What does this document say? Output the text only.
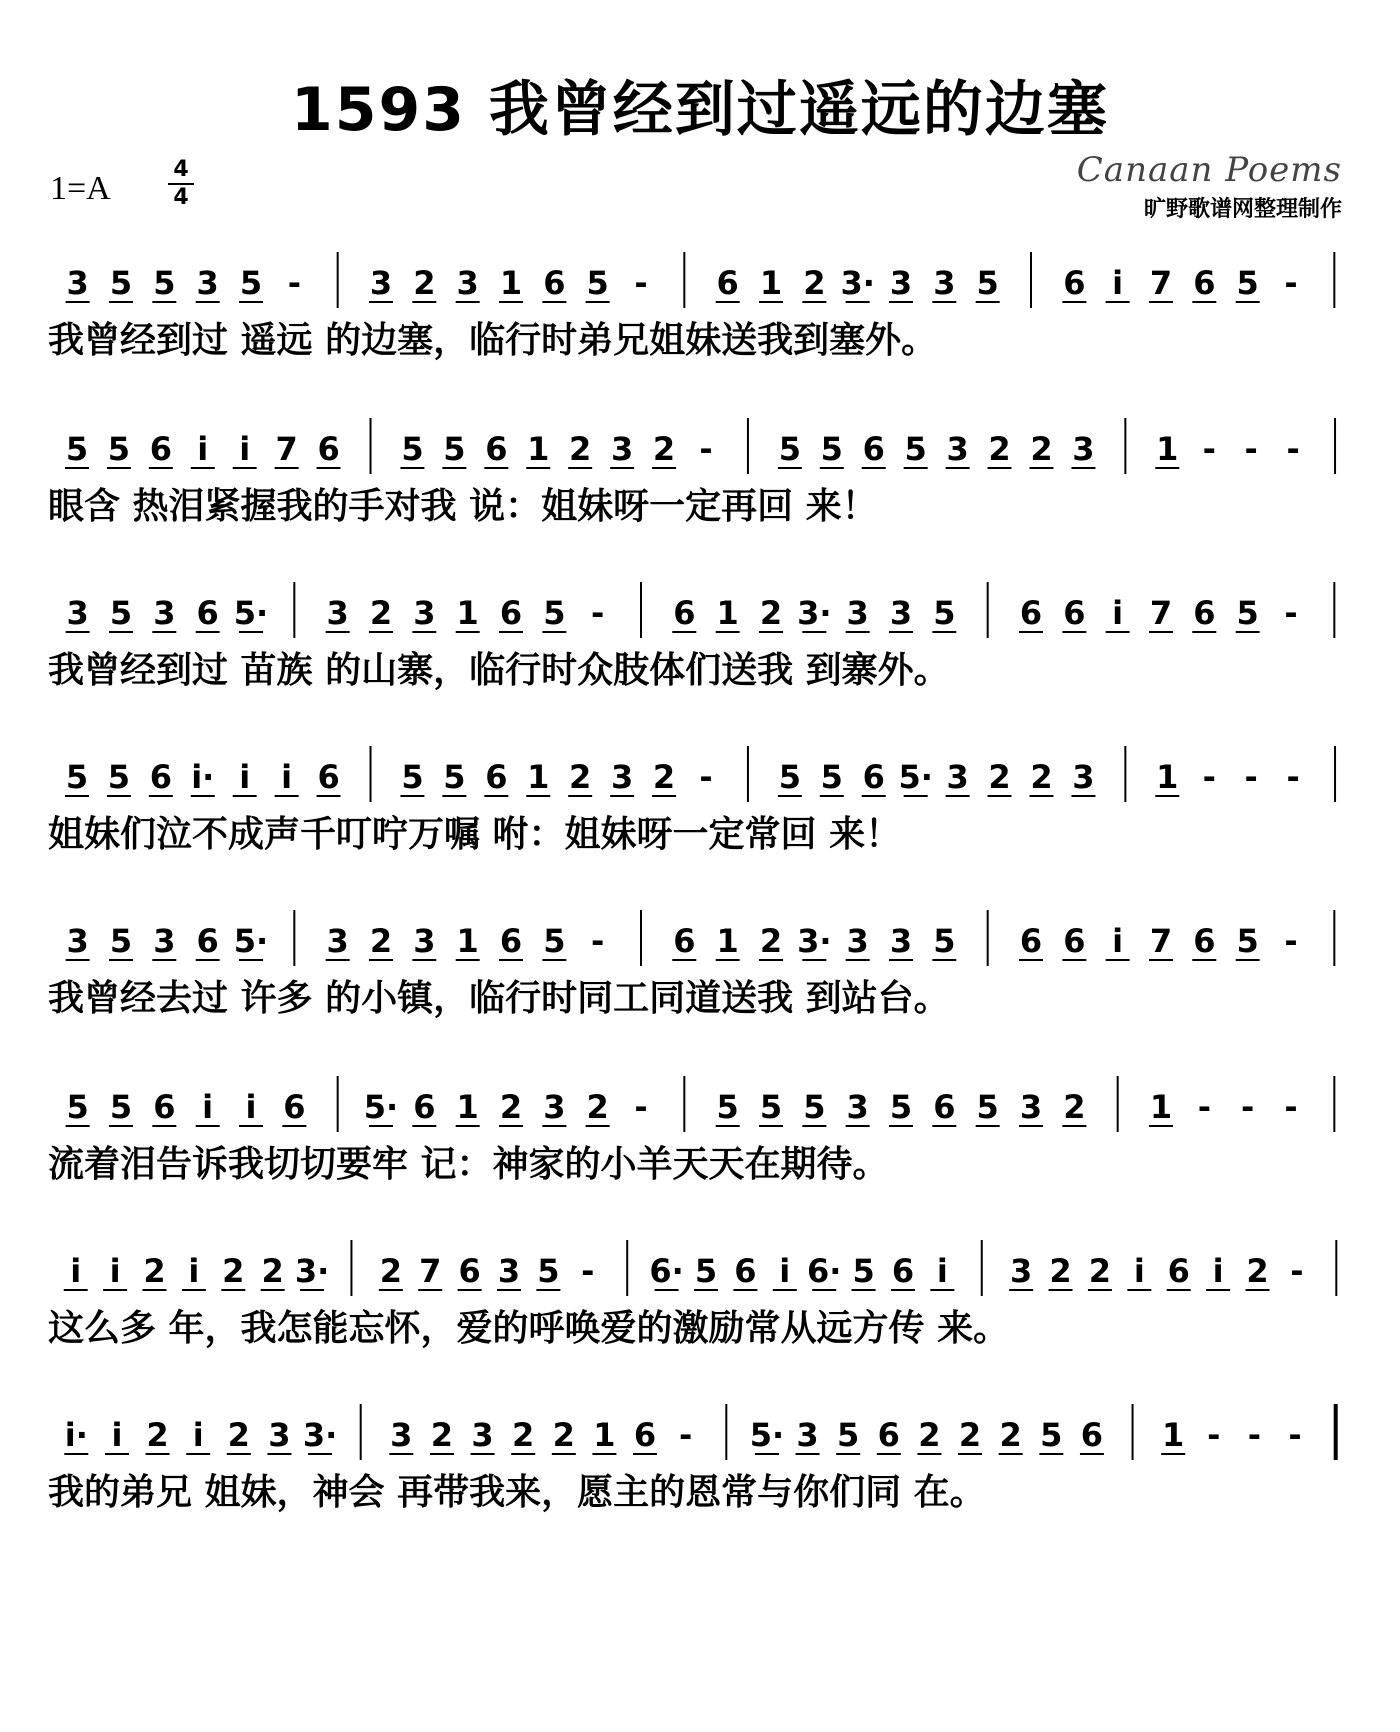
1593 我曾经到过遥远的边塞
1=A
4
4
Canaan Poems
旷野歌谱网整理制作
3 5 5 3 5 - 3 2 3 1 6 5 - 6 1 2 3· 3 3 5 6 i 7 6 5 -
我曾经到过 遥远 的边塞，临行时弟兄姐妹送我到塞外。
5 5 6 i i 7 6 5 5 6 1 2 3 2 - 5 5 6 5 3 2 2 3 1 - - -
眼含 热泪紧握我的手对我 说：姐妹呀一定再回 来！
3 5 3 6 5· 3 2 3 1 6 5 - 6 1 2 3· 3 3 5 6 6 i 7 6 5 -
我曾经到过 苗族 的山寨，临行时众肢体们送我 到寨外。
5 5 6 i· i i 6 5 5 6 1 2 3 2 - 5 5 6 5· 3 2 2 3 1 - - -
姐妹们泣不成声千叮咛万嘱 咐：姐妹呀一定常回 来！
3 5 3 6 5· 3 2 3 1 6 5 - 6 1 2 3· 3 3 5 6 6 i 7 6 5 -
我曾经去过 许多 的小镇，临行时同工同道送我 到站台。
5 5 6 i i 6 5· 6 1 2 3 2 - 5 5 5 3 5 6 5 3 2 1 - - -
流着泪告诉我切切要牢 记：神家的小羊天天在期待。
i i 2 i 2 2 3· 2 7 6 3 5 - 6· 5 6 i 6· 5 6 i 3 2 2 i 6 i 2 -
这么多 年，我怎能忘怀，爱的呼唤爱的激励常从远方传 来。
i· i 2 i 2 3 3· 3 2 3 2 2 1 6 - 5· 3 5 6 2 2 2 5 6 1 - - -
我的弟兄 姐妹，神会 再带我来，愿主的恩常与你们同 在。
